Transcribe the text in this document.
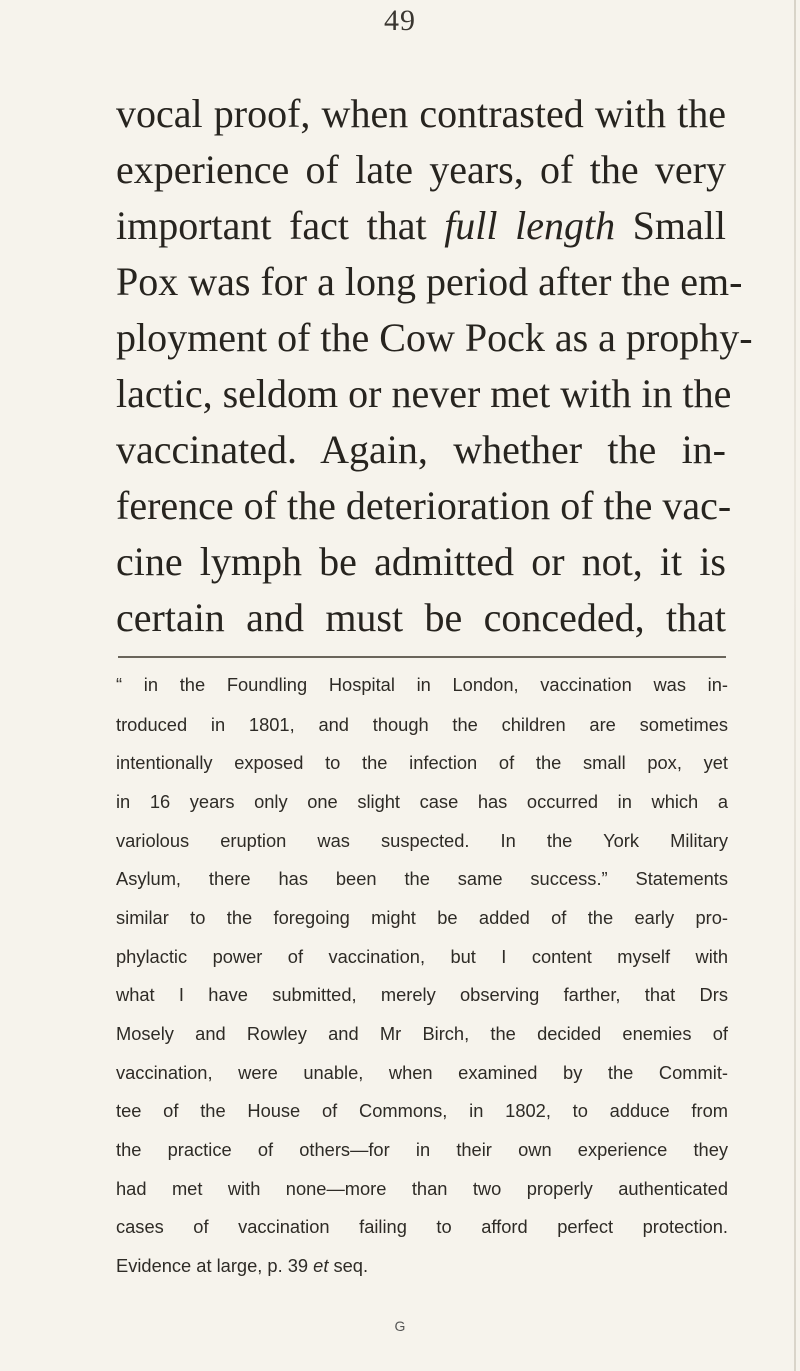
49
vocal proof, when contrasted with the
experience of late years, of the very
important fact that full length Small
Pox was for a long period after the em-
ployment of the Cow Pock as a prophy-
lactic, seldom or never met with in the
vaccinated. Again, whether the in-
ference of the deterioration of the vac-
cine lymph be admitted or not, it is
certain and must be conceded, that
“ in the Foundling Hospital in London, vaccination was in-
troduced in 1801, and though the children are sometimes
intentionally exposed to the infection of the small pox, yet
in 16 years only one slight case has occurred in which a
variolous eruption was suspected. In the York Military
Asylum, there has been the same success.” Statements
similar to the foregoing might be added of the early pro-
phylactic power of vaccination, but I content myself with
what I have submitted, merely observing farther, that Drs
Mosely and Rowley and Mr Birch, the decided enemies of
vaccination, were unable, when examined by the Commit-
tee of the House of Commons, in 1802, to adduce from
the practice of others—for in their own experience they
had met with none—more than two properly authenticated
cases of vaccination failing to afford perfect protection.
Evidence at large, p. 39 et seq.
G
